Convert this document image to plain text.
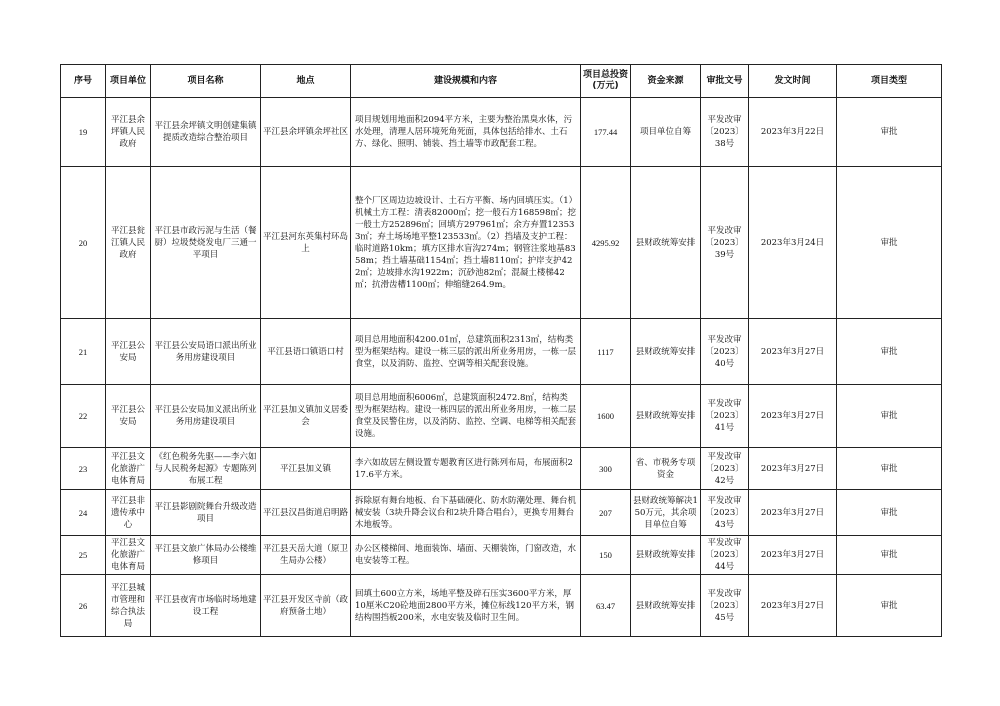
序号	项目单位	项目名称	地点	建设规模和内容	项目总投资(万元)	资金来源	审批文号	发文时间	项目类型
19	平江县余坪镇人民政府	平江县余坪镇文明创建集镇提质改造综合整治项目	平江县余坪镇余坪社区	项目规划用地面积2094平方米，主要为整治黑臭水体，污水处理，清理人居环境死角死面，具体包括给排水、土石方、绿化、照明、铺装、挡土墙等市政配套工程。	177.44	项目单位自筹	平发改审〔2023〕38号	2023年3月22日	审批
20	平江县瓮江镇人民政府	平江县市政污泥与生活（餐厨）垃圾焚烧发电厂三通一平项目	平江县河东英集村环岛上	整个厂区周边边坡设计、土石方平衡、场内回填压实。（1）机械土方工程：清表82000㎡；挖一般石方168598㎡；挖一般土方252896㎡；回填方297961㎡；余方弃置123533㎡；弃土场场地平整123533㎡。（2）挡墙及支护工程：临时道路10km；填方区排水盲沟274m；钢管注浆地基8358m；挡土墙基础1154㎡；挡土墙8110㎡；护岸支护422㎡；边坡排水沟1922m；沉砂池82㎡；混凝土楼梯42㎡；抗滑齿槽1100㎡；伸缩缝264.9m。	4295.92	县财政统筹安排	平发改审〔2023〕39号	2023年3月24日	审批
21	平江县公安局	平江县公安局语口派出所业务用房建设项目	平江县语口镇语口村	项目总用地面积4200.01㎡，总建筑面积2313㎡，结构类型为框架结构。建设一栋三层的派出所业务用房，一栋一层食堂，以及消防、监控、空调等相关配套设施。	1117	县财政统筹安排	平发改审〔2023〕40号	2023年3月27日	审批
22	平江县公安局	平江县公安局加义派出所业务用房建设项目	平江县加义镇加义居委会	项目总用地面积6006㎡，总建筑面积2472.8㎡，结构类型为框架结构。建设一栋四层的派出所业务用房，一栋二层食堂及民警住房，以及消防、监控、空调、电梯等相关配套设施。	1600	县财政统筹安排	平发改审〔2023〕41号	2023年3月27日	审批
23	平江县文化旅游广电体育局	《红色税务先驱——李六如与人民税务起源》专题陈列布展工程	平江县加义镇	李六如故居左侧设置专题教育区进行陈列布局，布展面积217.6平方米。	300	省、市税务专项资金	平发改审〔2023〕42号	2023年3月27日	审批
24	平江县非遗传承中心	平江县影剧院舞台升级改造项目	平江县汉昌街道启明路	拆除原有舞台地板、台下基础硬化、防水防潮处理、舞台机械安装（3块升降会议台和2块升降合唱台），更换专用舞台木地板等。	207	县财政统筹解决150万元，其余项目单位自筹	平发改审〔2023〕43号	2023年3月27日	审批
25	平江县文化旅游广电体育局	平江县文旅广体局办公楼维修项目	平江县天岳大道（原卫生局办公楼）	办公区楼梯间、地面装饰、墙面、天棚装饰，门窗改造，水电安装等工程。	150	县财政统筹安排	平发改审〔2023〕44号	2023年3月27日	审批
26	平江县城市管理和综合执法局	平江县夜宵市场临时场地建设工程	平江县开发区寺前（政府预备土地）	回填土600立方米，场地平整及碎石压实3600平方米，厚10厘米C20砼地面2800平方米，摊位标线120平方米，钢结构围挡板200米，水电安装及临时卫生间。	63.47	县财政统筹安排	平发改审〔2023〕45号	2023年3月27日	审批
